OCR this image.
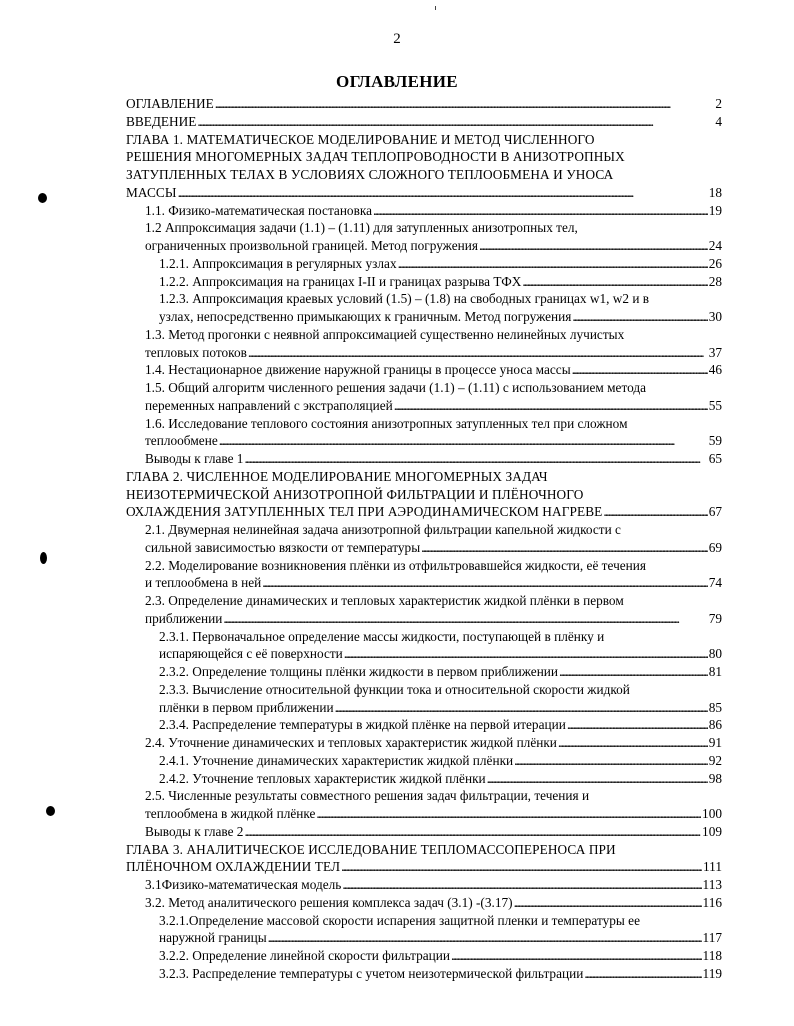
2
ОГЛАВЛЕНИЕ
ОГЛАВЛЕНИЕ . . .	2
ВВЕДЕНИЕ . . .	4
ГЛАВА 1. МАТЕМАТИЧЕСКОЕ МОДЕЛИРОВАНИЕ И МЕТОД ЧИСЛЕННОГО
РЕШЕНИЯ МНОГОМЕРНЫХ ЗАДАЧ ТЕПЛОПРОВОДНОСТИ В АНИЗОТРОПНЫХ
ЗАТУПЛЕННЫХ ТЕЛАХ В УСЛОВИЯХ СЛОЖНОГО ТЕПЛООБМЕНА И УНОСА
МАССЫ . . .	18
1.1. Физико-математическая постановка . . .	19
1.2 Аппроксимация задачи (1.1) – (1.11) для затупленных анизотропных тел,
ограниченных произвольной границей. Метод погружения . . .	24
1.2.1. Аппроксимация в регулярных узлах . . .	26
1.2.2. Аппроксимация на границах I-II и границах разрыва ТФХ . . .	28
1.2.3. Аппроксимация краевых условий (1.5) – (1.8) на свободных границах w1, w2 и в
узлах, непосредственно примыкающих к граничным. Метод погружения . . .	30
1.3. Метод прогонки с неявной аппроксимацией существенно нелинейных лучистых
тепловых потоков . . .	37
1.4. Нестационарное движение наружной границы в процессе уноса массы . . .	46
1.5. Общий алгоритм численного решения задачи (1.1) – (1.11) с использованием метода
переменных направлений с экстраполяцией . . .	55
1.6. Исследование теплового состояния анизотропных затупленных тел при сложном
теплообмене . . .	59
Выводы к главе 1 . . .	65
ГЛАВА 2. ЧИСЛЕННОЕ МОДЕЛИРОВАНИЕ МНОГОМЕРНЫХ ЗАДАЧ
НЕИЗОТЕРМИЧЕСКОЙ АНИЗОТРОПНОЙ ФИЛЬТРАЦИИ И ПЛЁНОЧНОГО
ОХЛАЖДЕНИЯ ЗАТУПЛЕННЫХ ТЕЛ ПРИ АЭРОДИНАМИЧЕСКОМ НАГРЕВЕ . . .	67
2.1. Двумерная нелинейная задача анизотропной фильтрации капельной жидкости с
сильной зависимостью вязкости от температуры . . .	69
2.2. Моделирование возникновения плёнки из отфильтровавшейся жидкости, её течения
и теплообмена в ней . . .	74
2.3. Определение динамических и тепловых характеристик жидкой плёнки в первом
приближении . . .	79
2.3.1. Первоначальное определение массы жидкости, поступающей в плёнку и
испаряющейся с её поверхности . . .	80
2.3.2. Определение толщины плёнки жидкости в первом приближении . . .	81
2.3.3. Вычисление относительной функции тока и относительной скорости жидкой
плёнки в первом приближении . . .	85
2.3.4. Распределение температуры в жидкой плёнке на первой итерации . . .	86
2.4. Уточнение динамических и тепловых характеристик жидкой плёнки . . .	91
2.4.1. Уточнение динамических характеристик жидкой плёнки . . .	92
2.4.2. Уточнение тепловых характеристик жидкой плёнки . . .	98
2.5. Численные результаты совместного решения задач фильтрации, течения и
теплообмена в жидкой плёнке . . .	100
Выводы к главе 2 . . .	109
ГЛАВА 3. АНАЛИТИЧЕСКОЕ ИССЛЕДОВАНИЕ ТЕПЛОМАССОПЕРЕНОСА ПРИ
ПЛЁНОЧНОМ ОХЛАЖДЕНИИ ТЕЛ . . .	111
3.1Физико-математическая модель . . .	113
3.2. Метод аналитического решения комплекса задач (3.1) -(3.17) . . .	116
3.2.1.Определение массовой скорости испарения защитной пленки и температуры ее
наружной границы . . .	117
3.2.2. Определение линейной скорости фильтрации . . .	118
3.2.3. Распределение температуры с учетом неизотермической фильтрации . . .	119
